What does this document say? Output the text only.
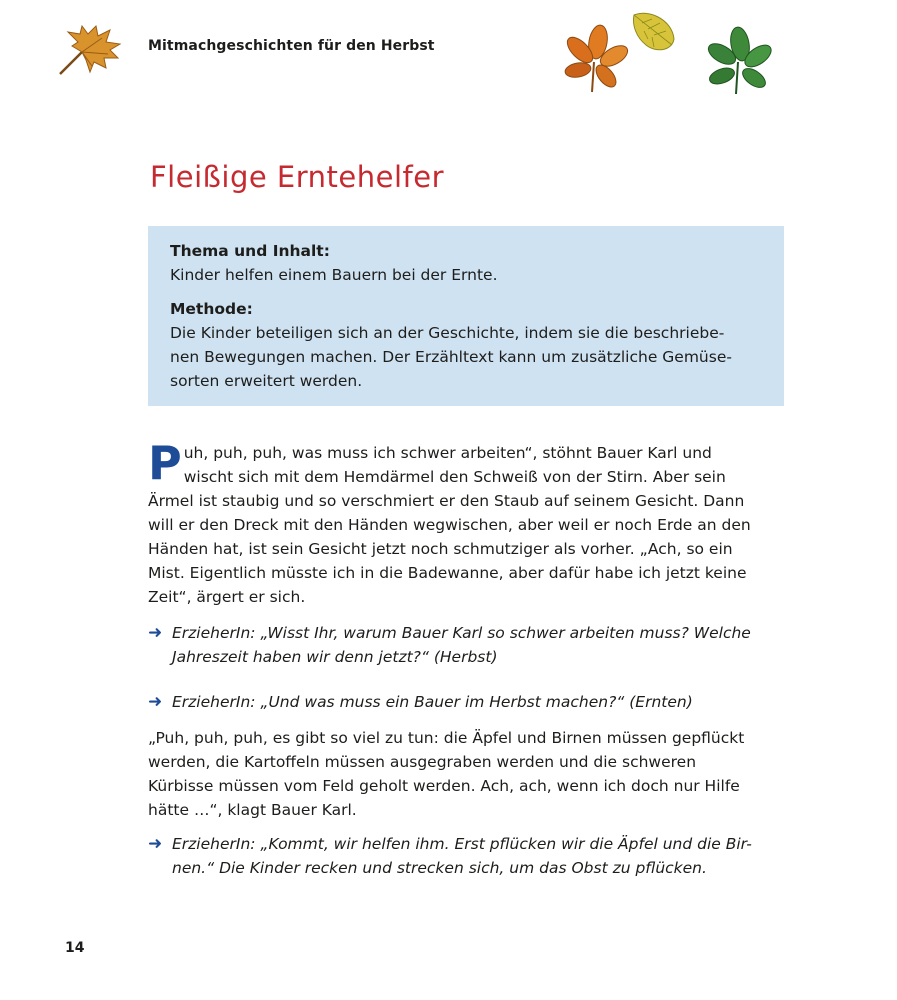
Mitmachgeschichten für den Herbst
Fleißige Erntehelfer
Thema und Inhalt:
Kinder helfen einem Bauern bei der Ernte.
Methode:
Die Kinder beteiligen sich an der Geschichte, indem sie die beschriebe-
nen Bewegungen machen. Der Erzähltext kann um zusätzliche Gemüse-
sorten erweitert werden.
P uh, puh, puh, was muss ich schwer arbeiten“, stöhnt Bauer Karl und
wischt sich mit dem Hemdärmel den Schweiß von der Stirn. Aber sein
Ärmel ist staubig und so verschmiert er den Staub auf seinem Gesicht. Dann
will er den Dreck mit den Händen wegwischen, aber weil er noch Erde an den
Händen hat, ist sein Gesicht jetzt noch schmutziger als vorher. „Ach, so ein
Mist. Eigentlich müsste ich in die Badewanne, aber dafür habe ich jetzt keine
Zeit“, ärgert er sich.
➜ ErzieherIn: „Wisst Ihr, warum Bauer Karl so schwer arbeiten muss? Welche
Jahreszeit haben wir denn jetzt?“ (Herbst)
➜ ErzieherIn: „Und was muss ein Bauer im Herbst machen?“ (Ernten)
„Puh, puh, puh, es gibt so viel zu tun: die Äpfel und Birnen müssen gepflückt
werden, die Kartoffeln müssen ausgegraben werden und die schweren
Kürbisse müssen vom Feld geholt werden. Ach, ach, wenn ich doch nur Hilfe
hätte …“, klagt Bauer Karl.
➜ ErzieherIn: „Kommt, wir helfen ihm. Erst pflücken wir die Äpfel und die Bir-
nen.“ Die Kinder recken und strecken sich, um das Obst zu pflücken.
14
